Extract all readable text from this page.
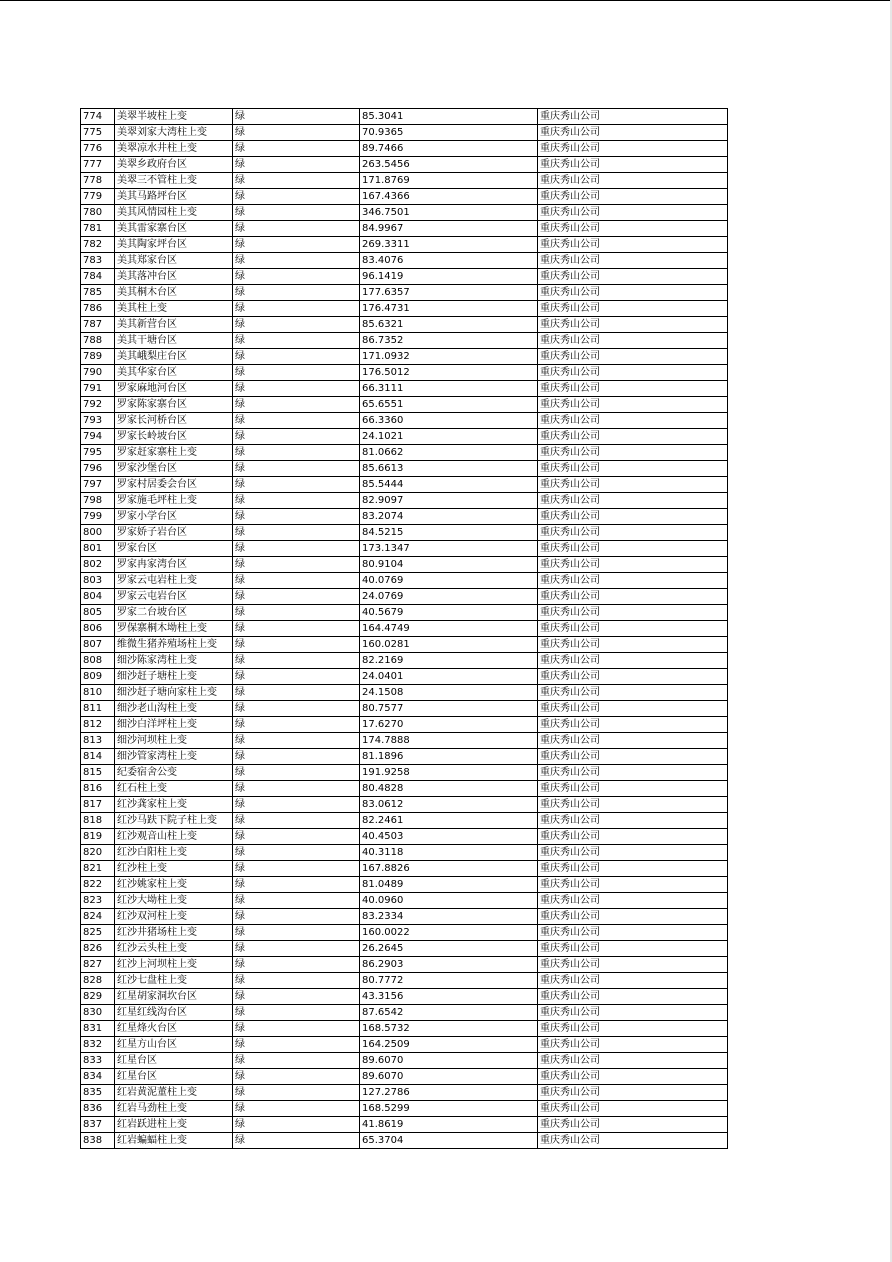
774	美翠半坡柱上变	绿	85.3041	重庆秀山公司
775	美翠刘家大湾柱上变	绿	70.9365	重庆秀山公司
776	美翠凉水井柱上变	绿	89.7466	重庆秀山公司
777	美翠乡政府台区	绿	263.5456	重庆秀山公司
778	美翠三不管柱上变	绿	171.8769	重庆秀山公司
779	美其马路坪台区	绿	167.4366	重庆秀山公司
780	美其风情园柱上变	绿	346.7501	重庆秀山公司
781	美其雷家寨台区	绿	84.9967	重庆秀山公司
782	美其陶家坪台区	绿	269.3311	重庆秀山公司
783	美其郑家台区	绿	83.4076	重庆秀山公司
784	美其落冲台区	绿	96.1419	重庆秀山公司
785	美其桐木台区	绿	177.6357	重庆秀山公司
786	美其柱上变	绿	176.4731	重庆秀山公司
787	美其新营台区	绿	85.6321	重庆秀山公司
788	美其干塘台区	绿	86.7352	重庆秀山公司
789	美其峨梨庄台区	绿	171.0932	重庆秀山公司
790	美其华家台区	绿	176.5012	重庆秀山公司
791	罗家麻地河台区	绿	66.3111	重庆秀山公司
792	罗家陈家寨台区	绿	65.6551	重庆秀山公司
793	罗家长河桥台区	绿	66.3360	重庆秀山公司
794	罗家长岭坡台区	绿	24.1021	重庆秀山公司
795	罗家赶家寨柱上变	绿	81.0662	重庆秀山公司
796	罗家沙堡台区	绿	85.6613	重庆秀山公司
797	罗家村居委会台区	绿	85.5444	重庆秀山公司
798	罗家施毛坪柱上变	绿	82.9097	重庆秀山公司
799	罗家小学台区	绿	83.2074	重庆秀山公司
800	罗家娇子岩台区	绿	84.5215	重庆秀山公司
801	罗家台区	绿	173.1347	重庆秀山公司
802	罗家冉家湾台区	绿	80.9104	重庆秀山公司
803	罗家云屯岩柱上变	绿	40.0769	重庆秀山公司
804	罗家云屯岩台区	绿	24.0769	重庆秀山公司
805	罗家二台坡台区	绿	40.5679	重庆秀山公司
806	罗保寨桐木坳柱上变	绿	164.4749	重庆秀山公司
807	维微生猪养殖场柱上变	绿	160.0281	重庆秀山公司
808	细沙陈家湾柱上变	绿	82.2169	重庆秀山公司
809	细沙赶子塘柱上变	绿	24.0401	重庆秀山公司
810	细沙赶子塘向家柱上变	绿	24.1508	重庆秀山公司
811	细沙老山沟柱上变	绿	80.7577	重庆秀山公司
812	细沙白洋坪柱上变	绿	17.6270	重庆秀山公司
813	细沙河坝柱上变	绿	174.7888	重庆秀山公司
814	细沙管家湾柱上变	绿	81.1896	重庆秀山公司
815	纪委宿舍公变	绿	191.9258	重庆秀山公司
816	红石柱上变	绿	80.4828	重庆秀山公司
817	红沙龚家柱上变	绿	83.0612	重庆秀山公司
818	红沙马趺下院子柱上变	绿	82.2461	重庆秀山公司
819	红沙观音山柱上变	绿	40.4503	重庆秀山公司
820	红沙白阳柱上变	绿	40.3118	重庆秀山公司
821	红沙柱上变	绿	167.8826	重庆秀山公司
822	红沙姚家柱上变	绿	81.0489	重庆秀山公司
823	红沙大坳柱上变	绿	40.0960	重庆秀山公司
824	红沙双河柱上变	绿	83.2334	重庆秀山公司
825	红沙井猪场柱上变	绿	160.0022	重庆秀山公司
826	红沙云头柱上变	绿	26.2645	重庆秀山公司
827	红沙上河坝柱上变	绿	86.2903	重庆秀山公司
828	红沙七盘柱上变	绿	80.7772	重庆秀山公司
829	红星胡家洞坎台区	绿	43.3156	重庆秀山公司
830	红星红线沟台区	绿	87.6542	重庆秀山公司
831	红星烽火台区	绿	168.5732	重庆秀山公司
832	红星方山台区	绿	164.2509	重庆秀山公司
833	红星台区	绿	89.6070	重庆秀山公司
834	红星台区	绿	89.6070	重庆秀山公司
835	红岩黄泥董柱上变	绿	127.2786	重庆秀山公司
836	红岩马劲柱上变	绿	168.5299	重庆秀山公司
837	红岩跃进柱上变	绿	41.8619	重庆秀山公司
838	红岩蝙蝠柱上变	绿	65.3704	重庆秀山公司
